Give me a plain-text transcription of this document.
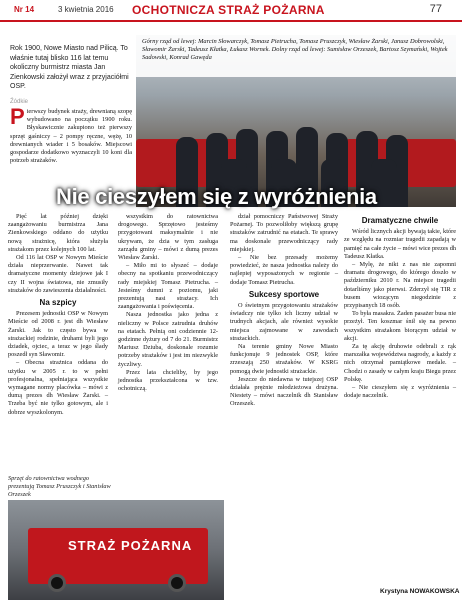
Nr 14	3 kwietnia 2016 OCHOTNICZA STRAŻ POŻARNA	77
Rok 1900, Nowe Miasto nad Pilicą. To właśnie tutaj blisko 116 lat temu okoliczny burmistrz miasta Jan Zienkowski założył wraz z przyjaciółmi OSP.
Źódkie
Pierwszy budynek straży, drewnianą szopę wybudowano na początku 1900 roku. Błyskawicznie zakupiono też pierwszy sprzęt gaśniczy – 2 pompy ręczne, wężę, 10 drewnianych wiader i 5 bosaków. Miejscowi gospodarze dodatkowo wyznaczyli 10 koni dla potrzeb strażaków.
Górny rząd od lewej: Marcin Słowarczyk, Tomasz Pietrucha, Tomasz Pruszczyk, Wiesław Żarski, Janusz Dobrowolski, Sławomir Żarski, Tadeusz Kłatka, Łukasz Wornek. Dolny rząd od lewej: Sumisław Orzeszek, Bartosz Szymański, Wojtek Sadowski, Konrad Gawęda
Nie cieszyłem się z wyróżnienia

Pięć lat później dzięki zaangażowaniu burmistrza Jana Zienkowskiego oddano do użytku nową strażnicę, która służyła strażakom przez kolejnych 100 lat.

Od 116 lat OSP w Nowym Mieście działa nieprzerwanie. Nawet tak dramatyczne momenty dziejowe jak I czy II wojna światowa, nie zmusiły strażaków do zawieszenia działalności.

Na szpicy

Prezesem jednostki OSP w Nowym Mieście od 2008 r. jest dh Wiesław Żarski. Jak to często bywa w strażackiej rodzinie, druhami byli jego dziadek, ojciec, a teraz w jego ślady poszedł syn Sławomir.

– Obecna strażnica oddana do użytku w 2005 r. to w pełni profesjonalna, spełniająca wszystkie wymagane normy placówka – mówi z dumą prezes dh Wiesław Żarski. – Trzeba być nie tylko gotowym, ale i dobrze wyszkolonym.

wszystkim do ratownictwa drogowego. Sprzętowo jesteśmy przygotowani maksymalnie i nie ukrywam, że dzia w tym zasługa zarządu gminy – mówi z dumą prezes Wiesław Żarski.

– Miło mi to słyszeć – dodaje obecny na spotkaniu przewodniczący rady miejskiej Tomasz Pietrucha. – Jesteśmy dumni z poziomu, jaki prezentują nasi strażacy. Ich zaangażowania i poświęcenia.

Nasza jednostka jako jedna z nieliczny w Polsce zatrudnia druhów na etatach. Pełnią oni codziennie 12-godzinne dyżury od 7 do 21. Burmistrz Mariusz Dziuba, doskonale rozumie potrzeby strażaków i jest im niezwykle życzliwy.

Przez lata chcieliby, by jego jednostka przekształcona w tzw. ochotniczą.

dział pomocniczy Państwowej Straży Pożarnej. To pozwoliłoby większą grupę strażaków zatrudnić na etatach. Te sprawy ma doskonale przewodniczący rady miejskiej.

– Nie bez przesady możemy powiedzieć, że nasza jednostka należy do najlepiej wyposażonych w regionie – dodaje Tomasz Pietrucha.

Sukcesy sportowe

O świetnym przygotowaniu strażaków świadczy nie tylko ich liczny udział w trudnych akcjach, ale również wysokie miejsca zajmowane w zawodach strażackich.

Na terenie gminy Nowe Miasto funkcjonuje 9 jednostek OSP, które zrzeszają 250 strażaków. W KSRG pomogą dwie jednostki strażackie.

Jeszcze do niedawna w tutejszej OSP działała prężnie młodzieżowa drużyna. Niestety – mówi naczelnik dh Stanisław Orzeszek.

Dramatyczne chwile

Wśród licznych akcji bywają takie, które ze względu na rozmiar tragedii zapadają w pamięć na całe życie – mówi wice prezes dh Tadeusz Kłatka.

– Mylę, że nikt z nas nie zapomni dramatu drogowego, do którego doszło w październiku 2010 r. Na miejsce tragedii dotarliśmy jako pierwsi. Zderzył się TIR z busem wiozącym niegodzinie z przypisanych 18 osób.

To była masakra. Żaden pasażer busa nie przeżył. Ten koszmar śnił się na pewno wszystkim strażakom biorącym udział w akcji.

Za tę akcję druhowie odebrali z rąk marszałka województwa nagrody, a każdy z nich otrzymał pamiątkowe medale. – Chodzi o zasady w całym kraju Biegu przez Polskę.

– Nie cieszyłem się z wyróżnienia – dodaje naczelnik.

Sprzęt do ratownictwa wodnego prezentują Tomasz Pruszczyk i Stanisław Orzeszek
STRAŻ POŻARNA
Krystyna NOWAKOWSKA
